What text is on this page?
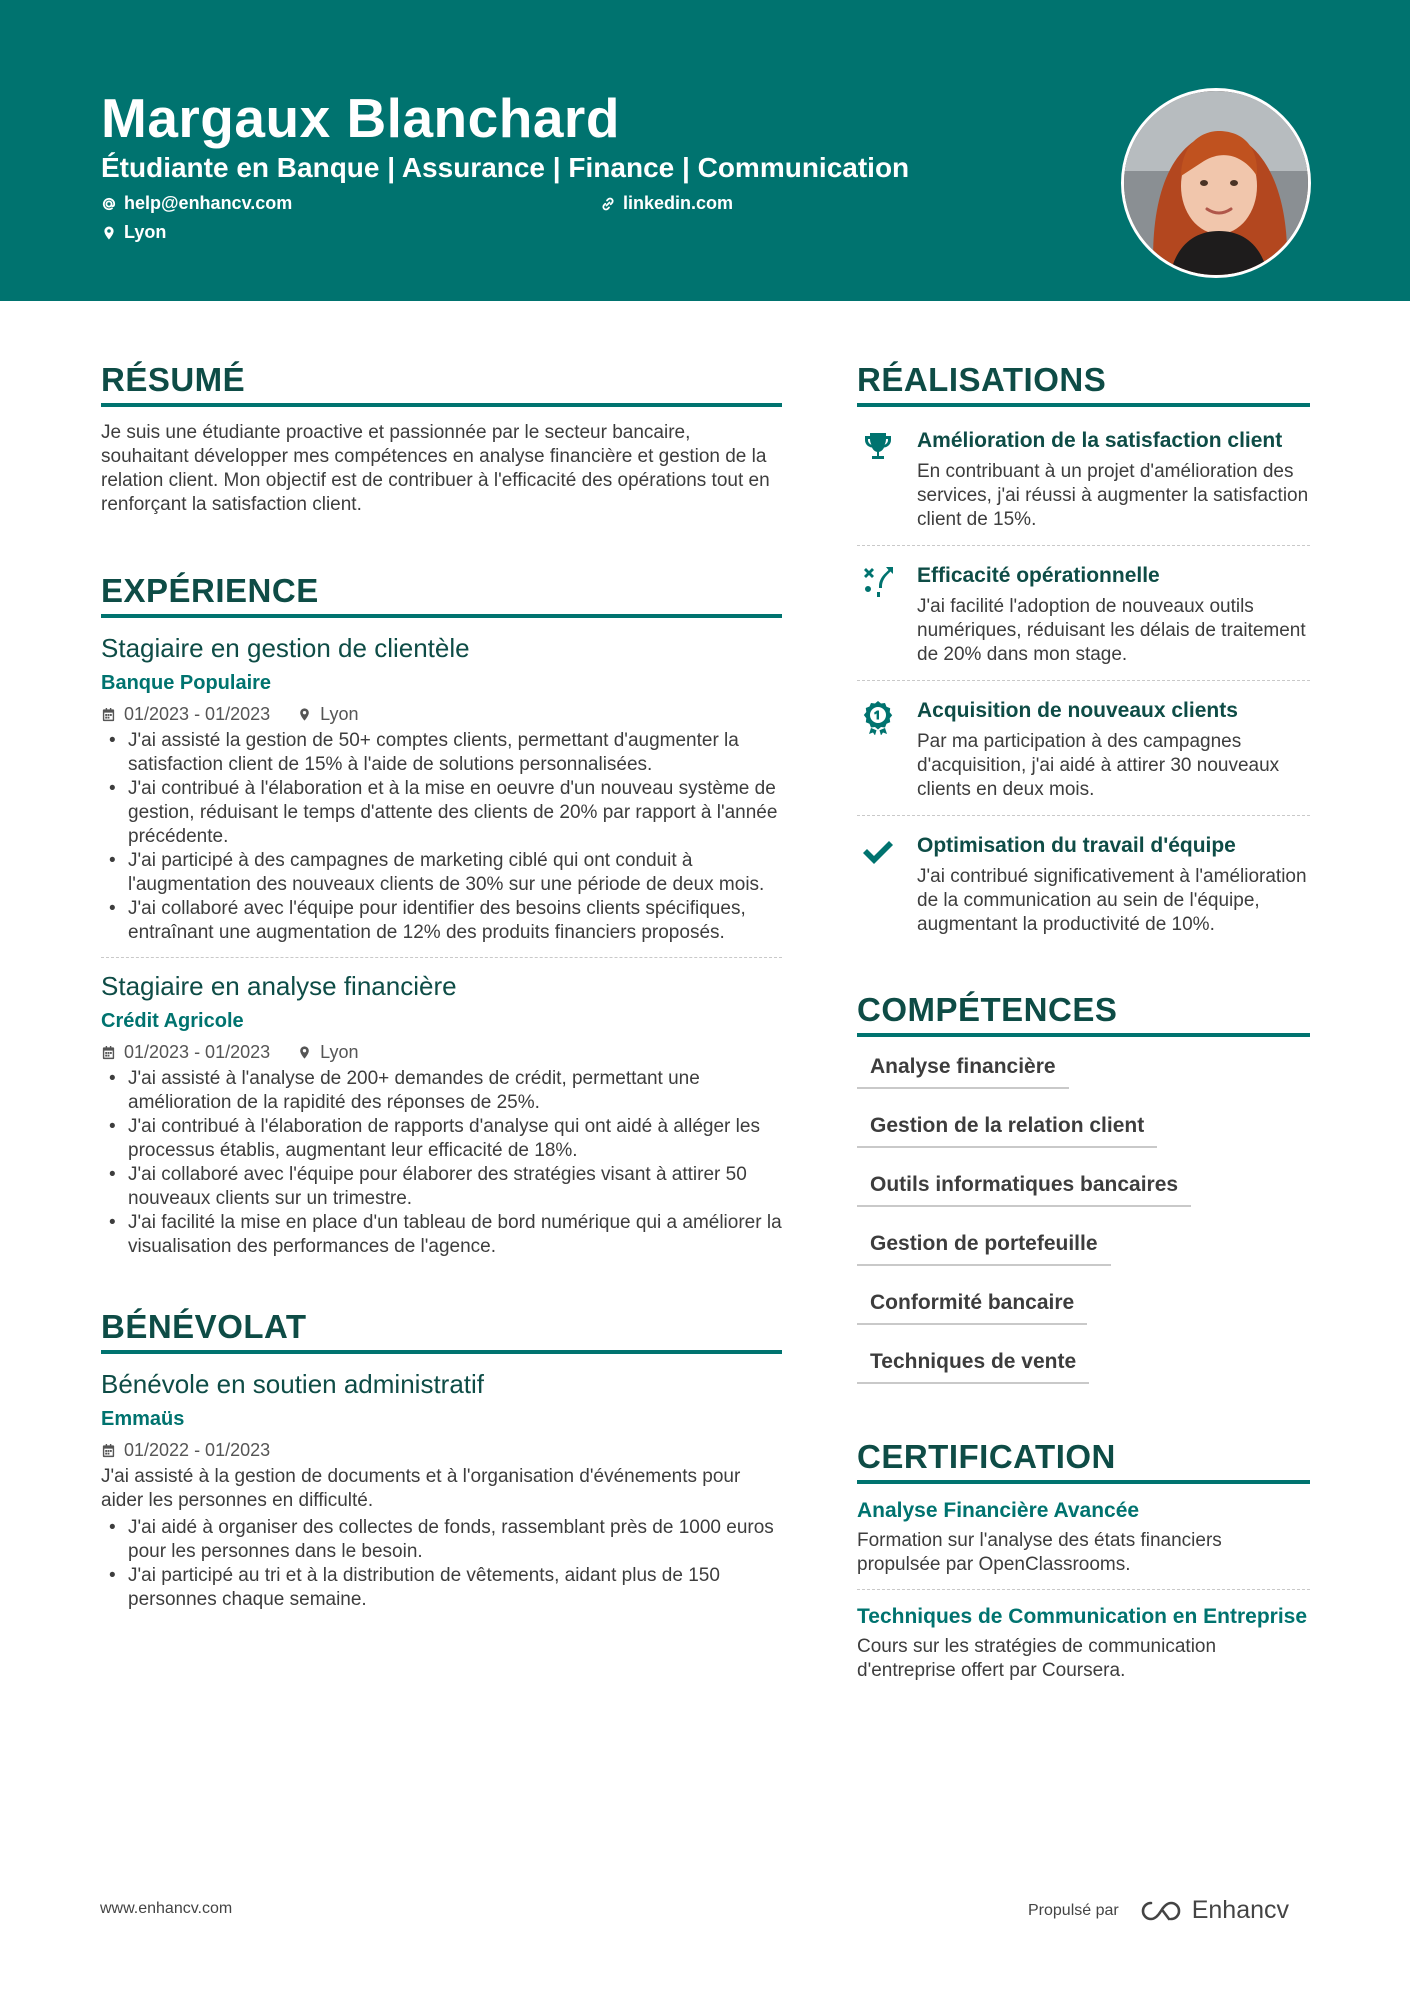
Margaux Blanchard
Étudiante en Banque | Assurance | Finance | Communication
help@enhancv.com	linkedin.com
Lyon
RÉSUMÉ
Je suis une étudiante proactive et passionnée par le secteur bancaire, souhaitant développer mes compétences en analyse financière et gestion de la relation client. Mon objectif est de contribuer à l'efficacité des opérations tout en renforçant la satisfaction client.
EXPÉRIENCE
Stagiaire en gestion de clientèle
Banque Populaire
01/2023 - 01/2023	Lyon
• J'ai assisté la gestion de 50+ comptes clients, permettant d'augmenter la satisfaction client de 15% à l'aide de solutions personnalisées.
• J'ai contribué à l'élaboration et à la mise en oeuvre d'un nouveau système de gestion, réduisant le temps d'attente des clients de 20% par rapport à l'année précédente.
• J'ai participé à des campagnes de marketing ciblé qui ont conduit à l'augmentation des nouveaux clients de 30% sur une période de deux mois.
• J'ai collaboré avec l'équipe pour identifier des besoins clients spécifiques, entraînant une augmentation de 12% des produits financiers proposés.
Stagiaire en analyse financière
Crédit Agricole
01/2023 - 01/2023	Lyon
• J'ai assisté à l'analyse de 200+ demandes de crédit, permettant une amélioration de la rapidité des réponses de 25%.
• J'ai contribué à l'élaboration de rapports d'analyse qui ont aidé à alléger les processus établis, augmentant leur efficacité de 18%.
• J'ai collaboré avec l'équipe pour élaborer des stratégies visant à attirer 50 nouveaux clients sur un trimestre.
• J'ai facilité la mise en place d'un tableau de bord numérique qui a améliorer la visualisation des performances de l'agence.
BÉNÉVOLAT
Bénévole en soutien administratif
Emmaüs
01/2022 - 01/2023
J'ai assisté à la gestion de documents et à l'organisation d'événements pour aider les personnes en difficulté.
• J'ai aidé à organiser des collectes de fonds, rassemblant près de 1000 euros pour les personnes dans le besoin.
• J'ai participé au tri et à la distribution de vêtements, aidant plus de 150 personnes chaque semaine.
RÉALISATIONS
Amélioration de la satisfaction client
En contribuant à un projet d'amélioration des services, j'ai réussi à augmenter la satisfaction client de 15%.
Efficacité opérationnelle
J'ai facilité l'adoption de nouveaux outils numériques, réduisant les délais de traitement de 20% dans mon stage.
Acquisition de nouveaux clients
Par ma participation à des campagnes d'acquisition, j'ai aidé à attirer 30 nouveaux clients en deux mois.
Optimisation du travail d'équipe
J'ai contribué significativement à l'amélioration de la communication au sein de l'équipe, augmentant la productivité de 10%.
COMPÉTENCES
Analyse financière
Gestion de la relation client
Outils informatiques bancaires
Gestion de portefeuille
Conformité bancaire
Techniques de vente
CERTIFICATION
Analyse Financière Avancée
Formation sur l'analyse des états financiers propulsée par OpenClassrooms.
Techniques de Communication en Entreprise
Cours sur les stratégies de communication d'entreprise offert par Coursera.
www.enhancv.com	Propulsé par	Enhancv
